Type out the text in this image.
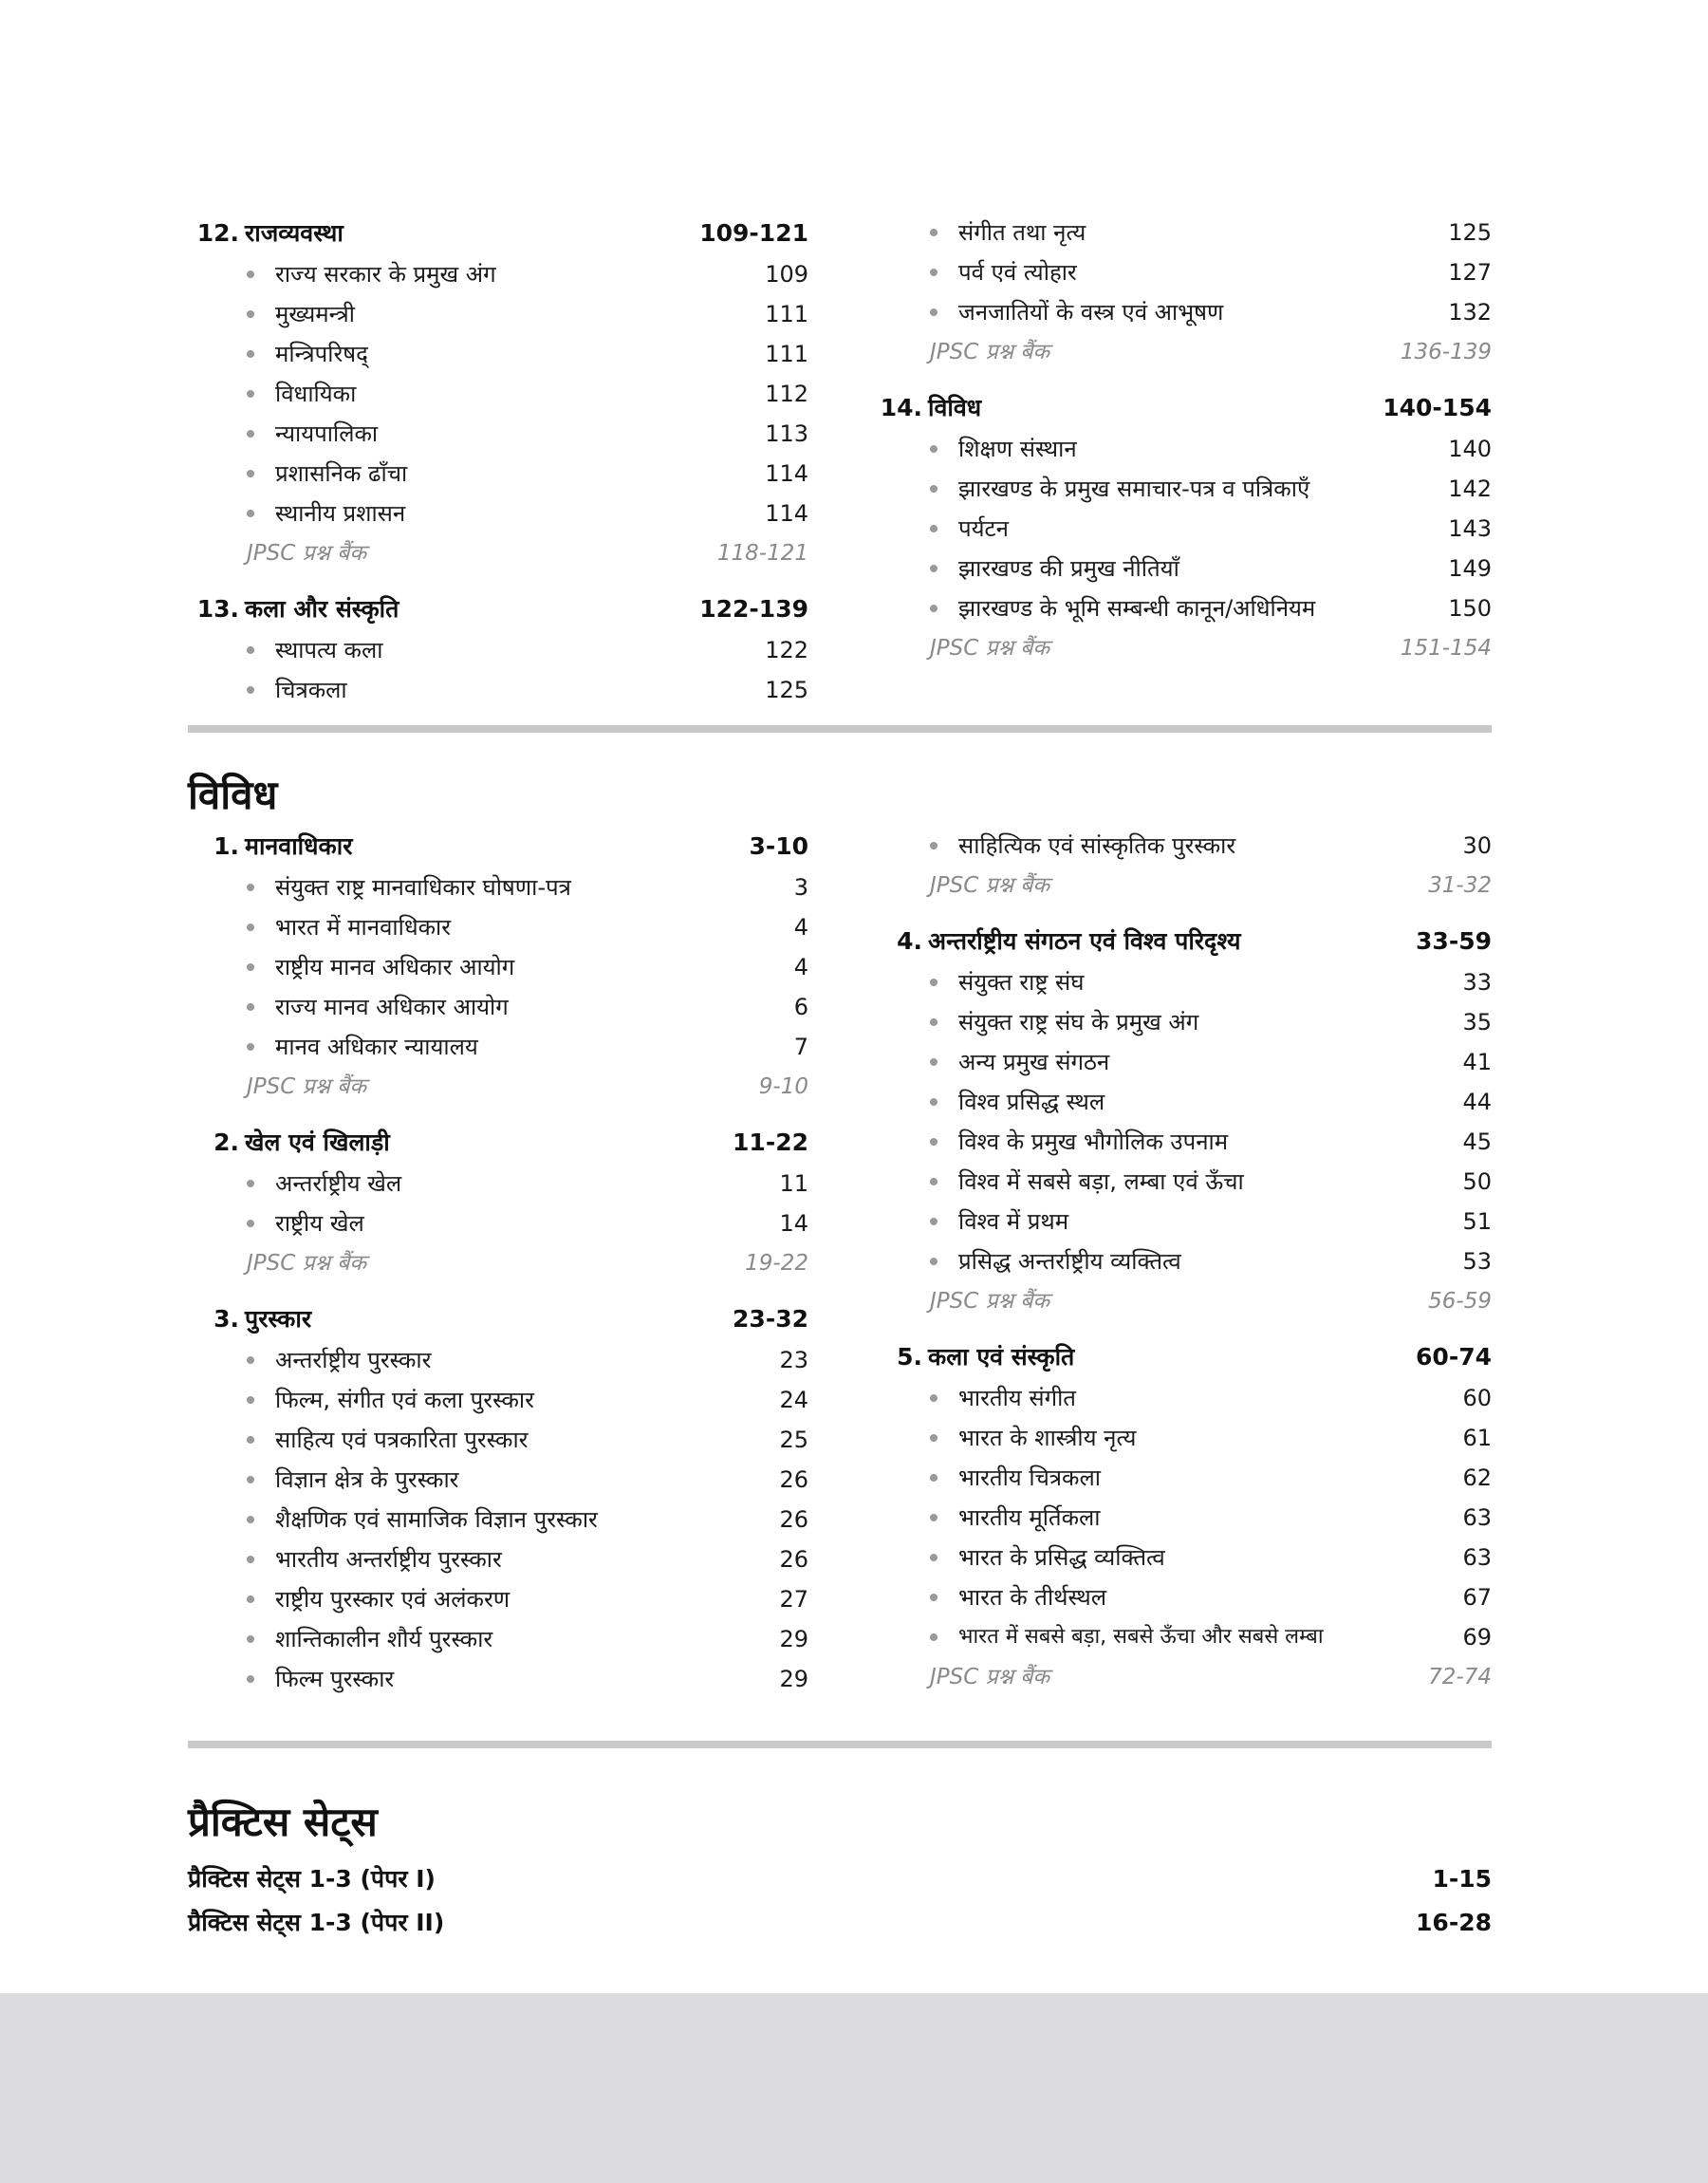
12. राजव्यवस्था	109-121
राज्य सरकार के प्रमुख अंग	109
मुख्यमन्त्री	111
मन्त्रिपरिषद्	111
विधायिका	112
न्यायपालिका	113
प्रशासनिक ढाँचा	114
स्थानीय प्रशासन	114
JPSC प्रश्न बैंक	118-121
13. कला और संस्कृति	122-139
स्थापत्य कला	122
चित्रकला	125
संगीत तथा नृत्य	125
पर्व एवं त्योहार	127
जनजातियों के वस्त्र एवं आभूषण	132
JPSC प्रश्न बैंक	136-139
14. विविध	140-154
शिक्षण संस्थान	140
झारखण्ड के प्रमुख समाचार-पत्र व पत्रिकाएँ	142
पर्यटन	143
झारखण्ड की प्रमुख नीतियाँ	149
झारखण्ड के भूमि सम्बन्धी कानून/अधिनियम	150
JPSC प्रश्न बैंक	151-154
विविध
1. मानवाधिकार	3-10
संयुक्त राष्ट्र मानवाधिकार घोषणा-पत्र	3
भारत में मानवाधिकार	4
राष्ट्रीय मानव अधिकार आयोग	4
राज्य मानव अधिकार आयोग	6
मानव अधिकार न्यायालय	7
JPSC प्रश्न बैंक	9-10
2. खेल एवं खिलाड़ी	11-22
अन्तर्राष्ट्रीय खेल	11
राष्ट्रीय खेल	14
JPSC प्रश्न बैंक	19-22
3. पुरस्कार	23-32
अन्तर्राष्ट्रीय पुरस्कार	23
फिल्म, संगीत एवं कला पुरस्कार	24
साहित्य एवं पत्रकारिता पुरस्कार	25
विज्ञान क्षेत्र के पुरस्कार	26
शैक्षणिक एवं सामाजिक विज्ञान पुरस्कार	26
भारतीय अन्तर्राष्ट्रीय पुरस्कार	26
राष्ट्रीय पुरस्कार एवं अलंकरण	27
शान्तिकालीन शौर्य पुरस्कार	29
फिल्म पुरस्कार	29
साहित्यिक एवं सांस्कृतिक पुरस्कार	30
JPSC प्रश्न बैंक	31-32
4. अन्तर्राष्ट्रीय संगठन एवं विश्व परिदृश्य	33-59
संयुक्त राष्ट्र संघ	33
संयुक्त राष्ट्र संघ के प्रमुख अंग	35
अन्य प्रमुख संगठन	41
विश्व प्रसिद्ध स्थल	44
विश्व के प्रमुख भौगोलिक उपनाम	45
विश्व में सबसे बड़ा, लम्बा एवं ऊँचा	50
विश्व में प्रथम	51
प्रसिद्ध अन्तर्राष्ट्रीय व्यक्तित्व	53
JPSC प्रश्न बैंक	56-59
5. कला एवं संस्कृति	60-74
भारतीय संगीत	60
भारत के शास्त्रीय नृत्य	61
भारतीय चित्रकला	62
भारतीय मूर्तिकला	63
भारत के प्रसिद्ध व्यक्तित्व	63
भारत के तीर्थस्थल	67
भारत में सबसे बड़ा, सबसे ऊँचा और सबसे लम्बा	69
JPSC प्रश्न बैंक	72-74
प्रैक्टिस सेट्स
प्रैक्टिस सेट्स 1-3 (पेपर I)	1-15
प्रैक्टिस सेट्स 1-3 (पेपर II)	16-28
